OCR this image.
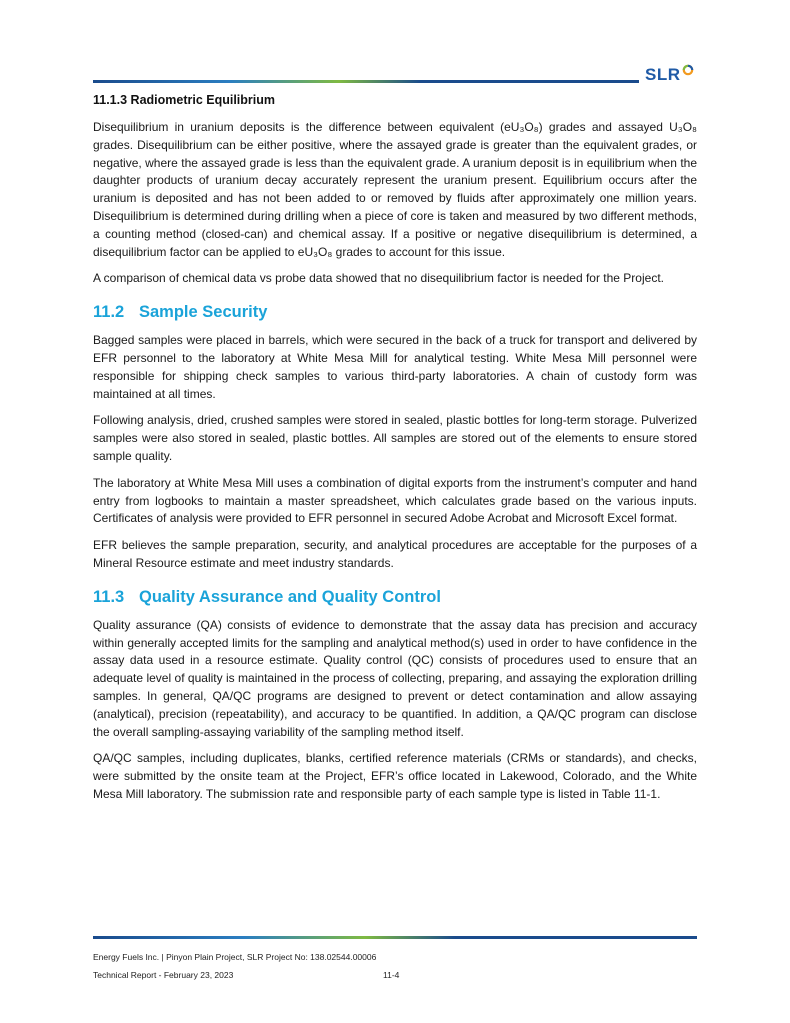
SLR
11.1.3 Radiometric Equilibrium

Disequilibrium in uranium deposits is the difference between equivalent (eU₃O₈) grades and assayed U₃O₈ grades. Disequilibrium can be either positive, where the assayed grade is greater than the equivalent grades, or negative, where the assayed grade is less than the equivalent grade. A uranium deposit is in equilibrium when the daughter products of uranium decay accurately represent the uranium present. Equilibrium occurs after the uranium is deposited and has not been added to or removed by fluids after approximately one million years. Disequilibrium is determined during drilling when a piece of core is taken and measured by two different methods, a counting method (closed-can) and chemical assay. If a positive or negative disequilibrium is determined, a disequilibrium factor can be applied to eU₃O₈ grades to account for this issue.

A comparison of chemical data vs probe data showed that no disequilibrium factor is needed for the Project.

11.2 Sample Security

Bagged samples were placed in barrels, which were secured in the back of a truck for transport and delivered by EFR personnel to the laboratory at White Mesa Mill for analytical testing. White Mesa Mill personnel were responsible for shipping check samples to various third-party laboratories. A chain of custody form was maintained at all times.

Following analysis, dried, crushed samples were stored in sealed, plastic bottles for long-term storage. Pulverized samples were also stored in sealed, plastic bottles. All samples are stored out of the elements to ensure stored sample quality.

The laboratory at White Mesa Mill uses a combination of digital exports from the instrument’s computer and hand entry from logbooks to maintain a master spreadsheet, which calculates grade based on the various inputs. Certificates of analysis were provided to EFR personnel in secured Adobe Acrobat and Microsoft Excel format.

EFR believes the sample preparation, security, and analytical procedures are acceptable for the purposes of a Mineral Resource estimate and meet industry standards.

11.3 Quality Assurance and Quality Control

Quality assurance (QA) consists of evidence to demonstrate that the assay data has precision and accuracy within generally accepted limits for the sampling and analytical method(s) used in order to have confidence in the assay data used in a resource estimate. Quality control (QC) consists of procedures used to ensure that an adequate level of quality is maintained in the process of collecting, preparing, and assaying the exploration drilling samples. In general, QA/QC programs are designed to prevent or detect contamination and allow assaying (analytical), precision (repeatability), and accuracy to be quantified. In addition, a QA/QC program can disclose the overall sampling-assaying variability of the sampling method itself.

QA/QC samples, including duplicates, blanks, certified reference materials (CRMs or standards), and checks, were submitted by the onsite team at the Project, EFR’s office located in Lakewood, Colorado, and the White Mesa Mill laboratory. The submission rate and responsible party of each sample type is listed in Table 11-1.

Energy Fuels Inc. | Pinyon Plain Project, SLR Project No: 138.02544.00006
Technical Report - February 23, 2023	11-4
